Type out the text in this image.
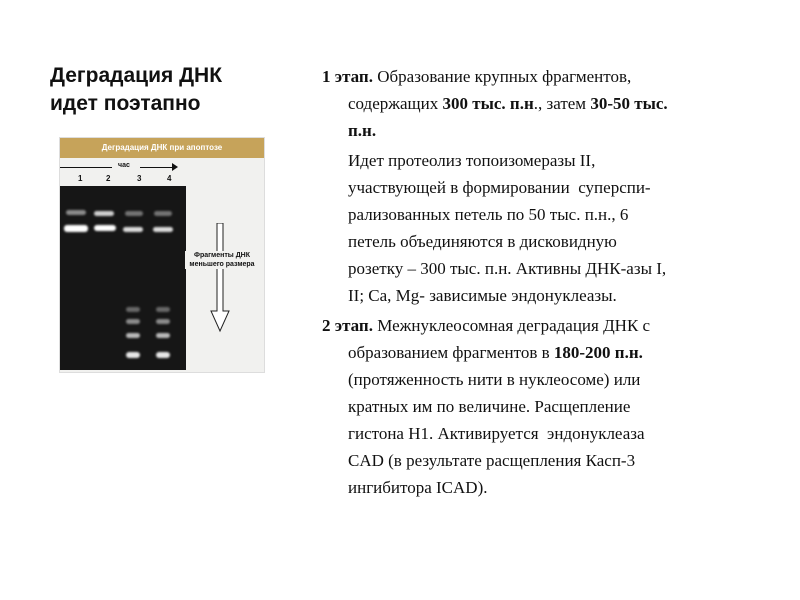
Деградация ДНК
идет поэтапно
Деградация ДНК при апоптозе
час
1	2	3	4
Фрагменты ДНК меньшего размера
1 этап. Образование крупных фрагментов,
содержащих 300 тыс. п.н., затем 30-50 тыс.
п.н.
Идет протеолиз топоизомеразы II,
участвующей в формировании  суперспи-
рализованных петель по 50 тыс. п.н., 6
петель объединяются в дисковидную
розетку – 300 тыс. п.н. Активны ДНК-азы I,
II; Ca, Mg- зависимые эндонуклеазы.
2 этап. Межнуклеосомная деградация ДНК с
образованием фрагментов в 180-200 п.н.
(протяженность нити в нуклеосоме) или
кратных им по величине. Расщепление
гистона H1. Активируется  эндонуклеаза
CAD (в результате расщепления Касп-3
ингибитора ICAD).
